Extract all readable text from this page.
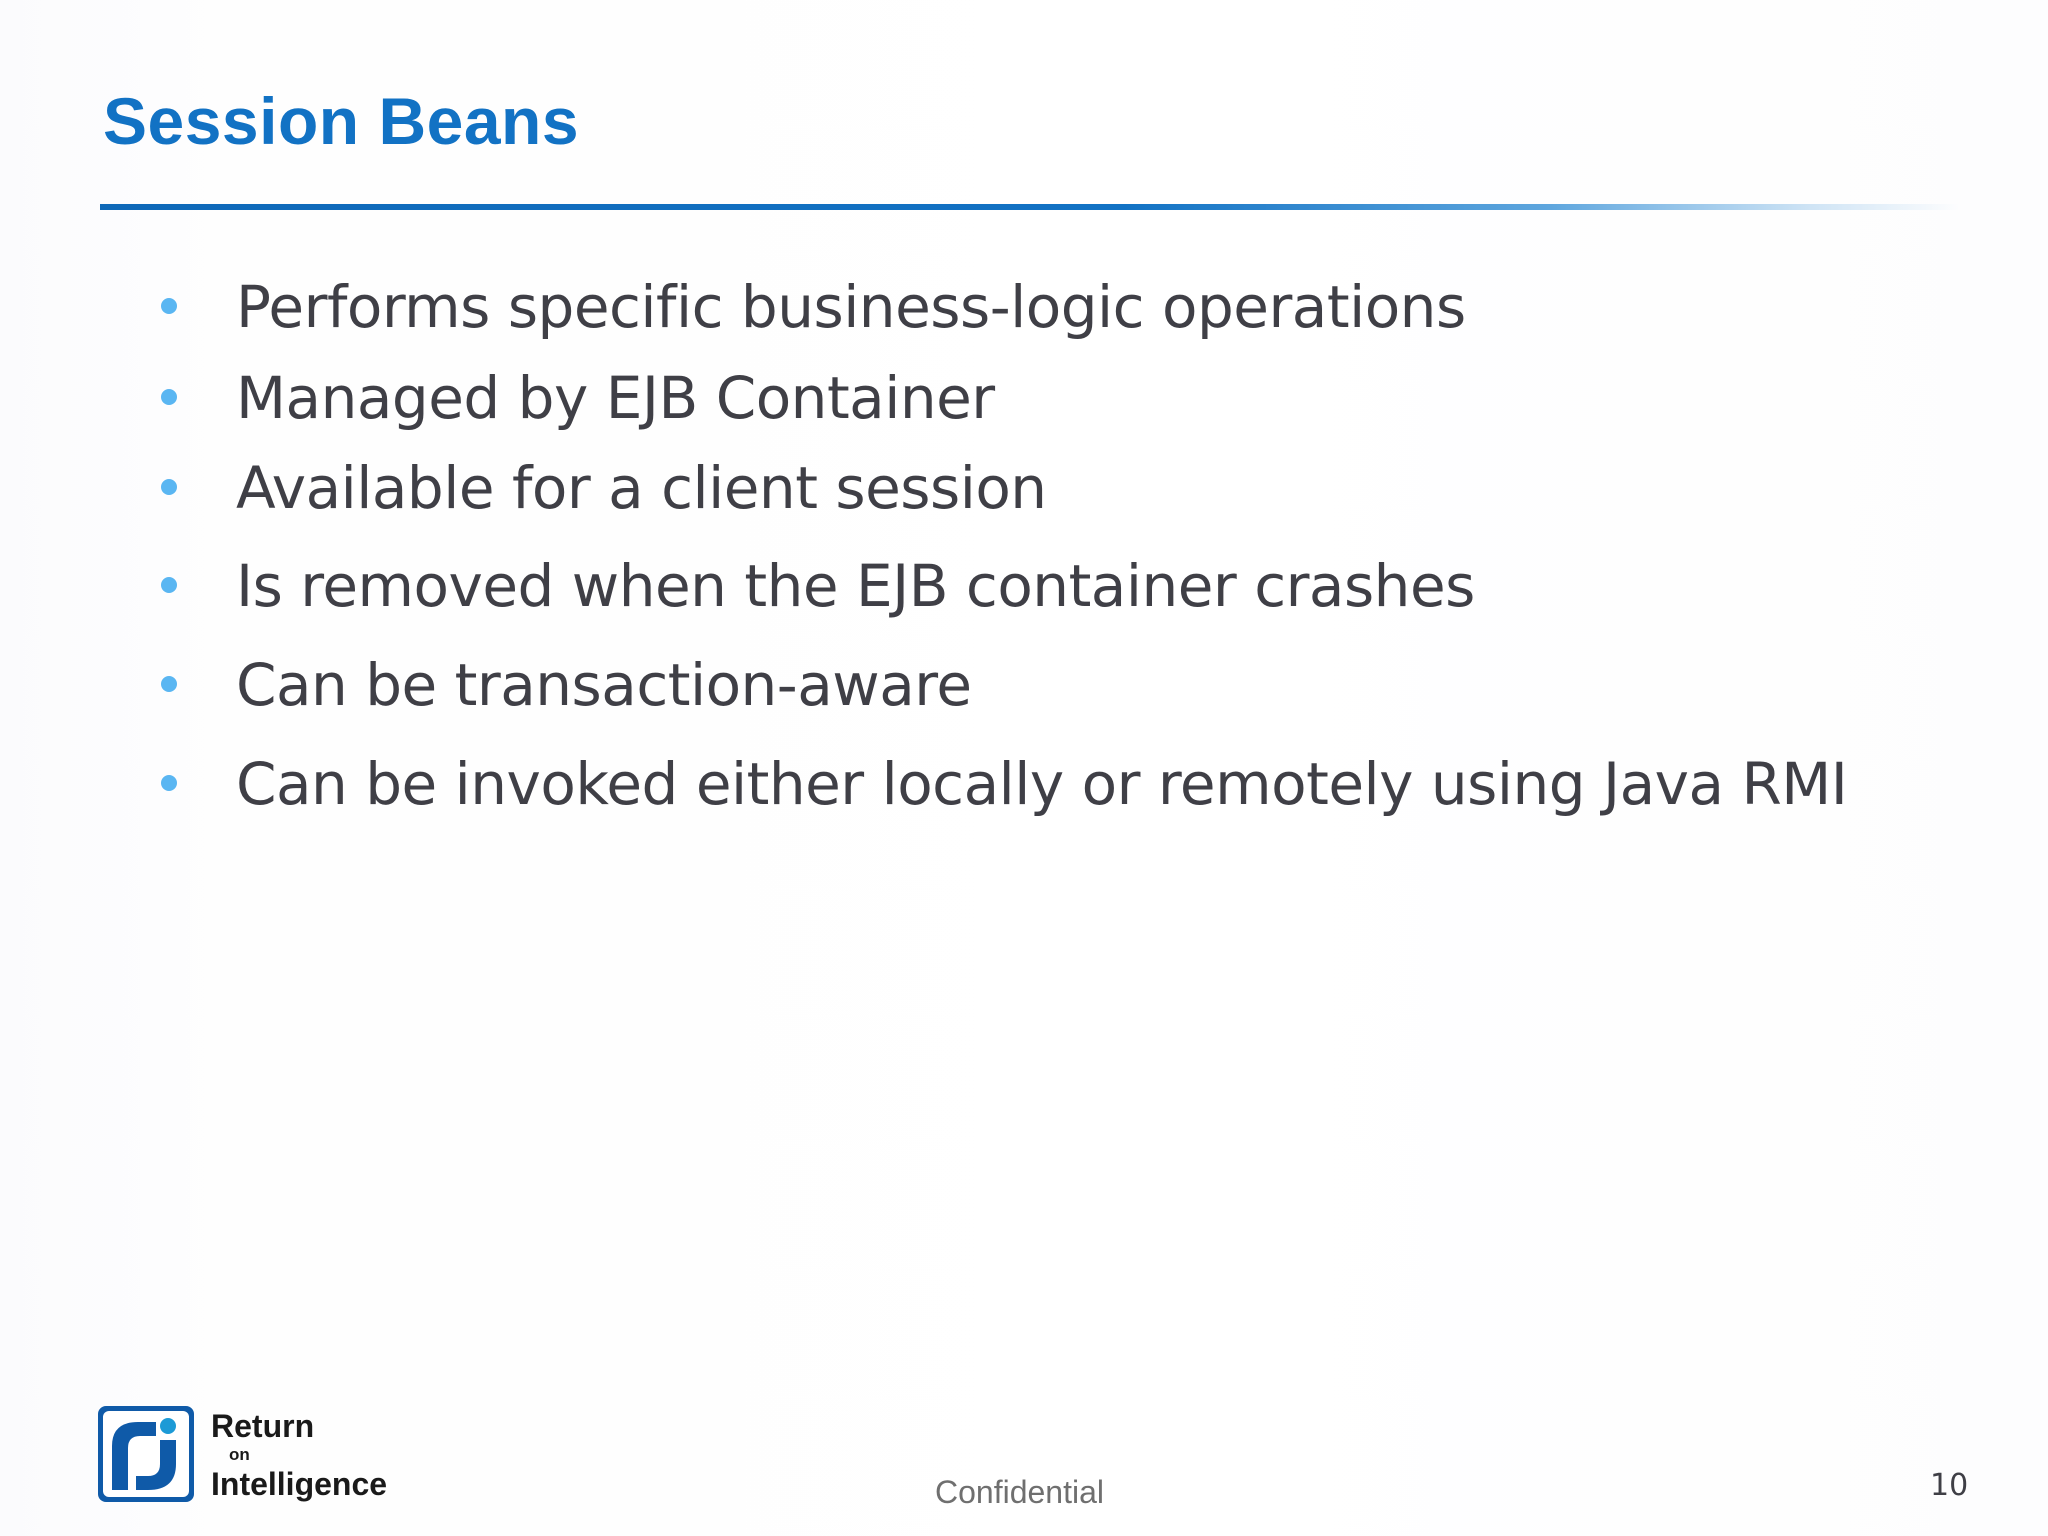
Session Beans
Performs specific business-logic operations
Managed by EJB Container
Available for a client session
Is removed when the EJB container crashes
Can be transaction-aware
Can be invoked either locally or remotely using Java RMI
Return
on
Intelligence	Confidential	10
